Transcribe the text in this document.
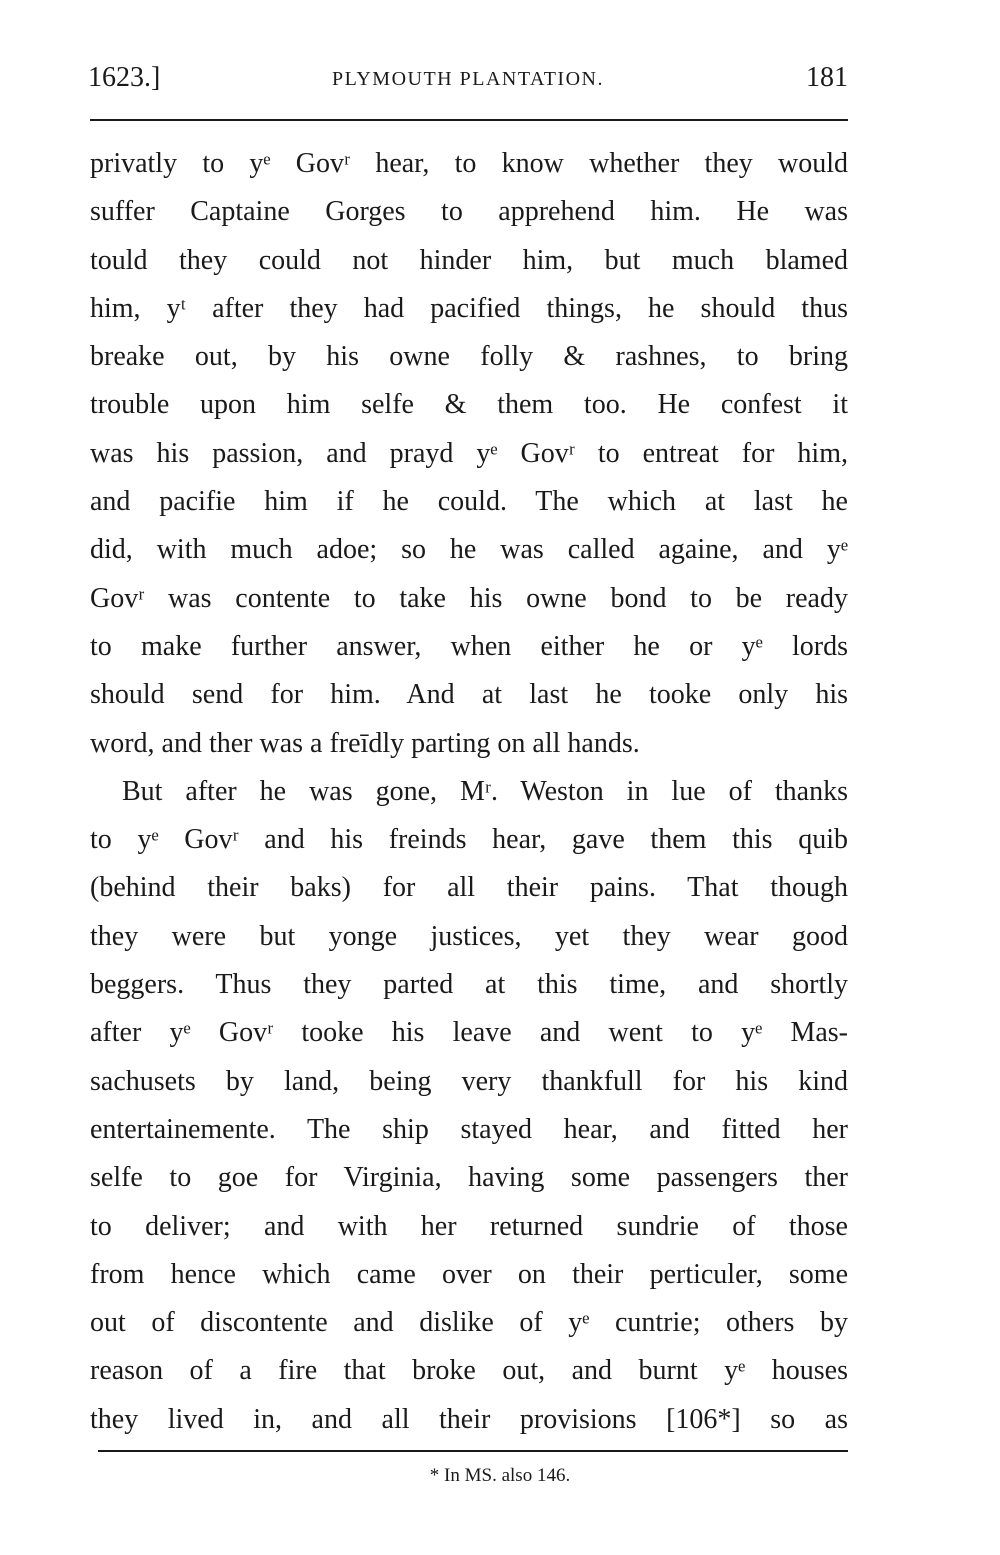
1623.]	PLYMOUTH PLANTATION.	181
privatly to yᵉ Govʳ hear, to know whether they would
suffer Captaine Gorges to apprehend him. He was
tould they could not hinder him, but much blamed
him, yᵗ after they had pacified things, he should thus
breake out, by his owne folly & rashnes, to bring
trouble upon him selfe & them too. He confest it
was his passion, and prayd yᵉ Govʳ to entreat for him,
and pacifie him if he could. The which at last he
did, with much adoe; so he was called againe, and yᵉ
Govʳ was contente to take his owne bond to be ready
to make further answer, when either he or yᵉ lords
should send for him. And at last he tooke only his
word, and ther was a freīdly parting on all hands.
But after he was gone, Mʳ. Weston in lue of thanks
to yᵉ Govʳ and his freinds hear, gave them this quib
(behind their baks) for all their pains. That though
they were but yonge justices, yet they wear good
beggers. Thus they parted at this time, and shortly
after yᵉ Govʳ tooke his leave and went to yᵉ Mas-
sachusets by land, being very thankfull for his kind
entertainemente. The ship stayed hear, and fitted her
selfe to goe for Virginia, having some passengers ther
to deliver; and with her returned sundrie of those
from hence which came over on their perticuler, some
out of discontente and dislike of yᵉ cuntrie; others by
reason of a fire that broke out, and burnt yᵉ houses
they lived in, and all their provisions [106*] so as
* In MS. also 146.
